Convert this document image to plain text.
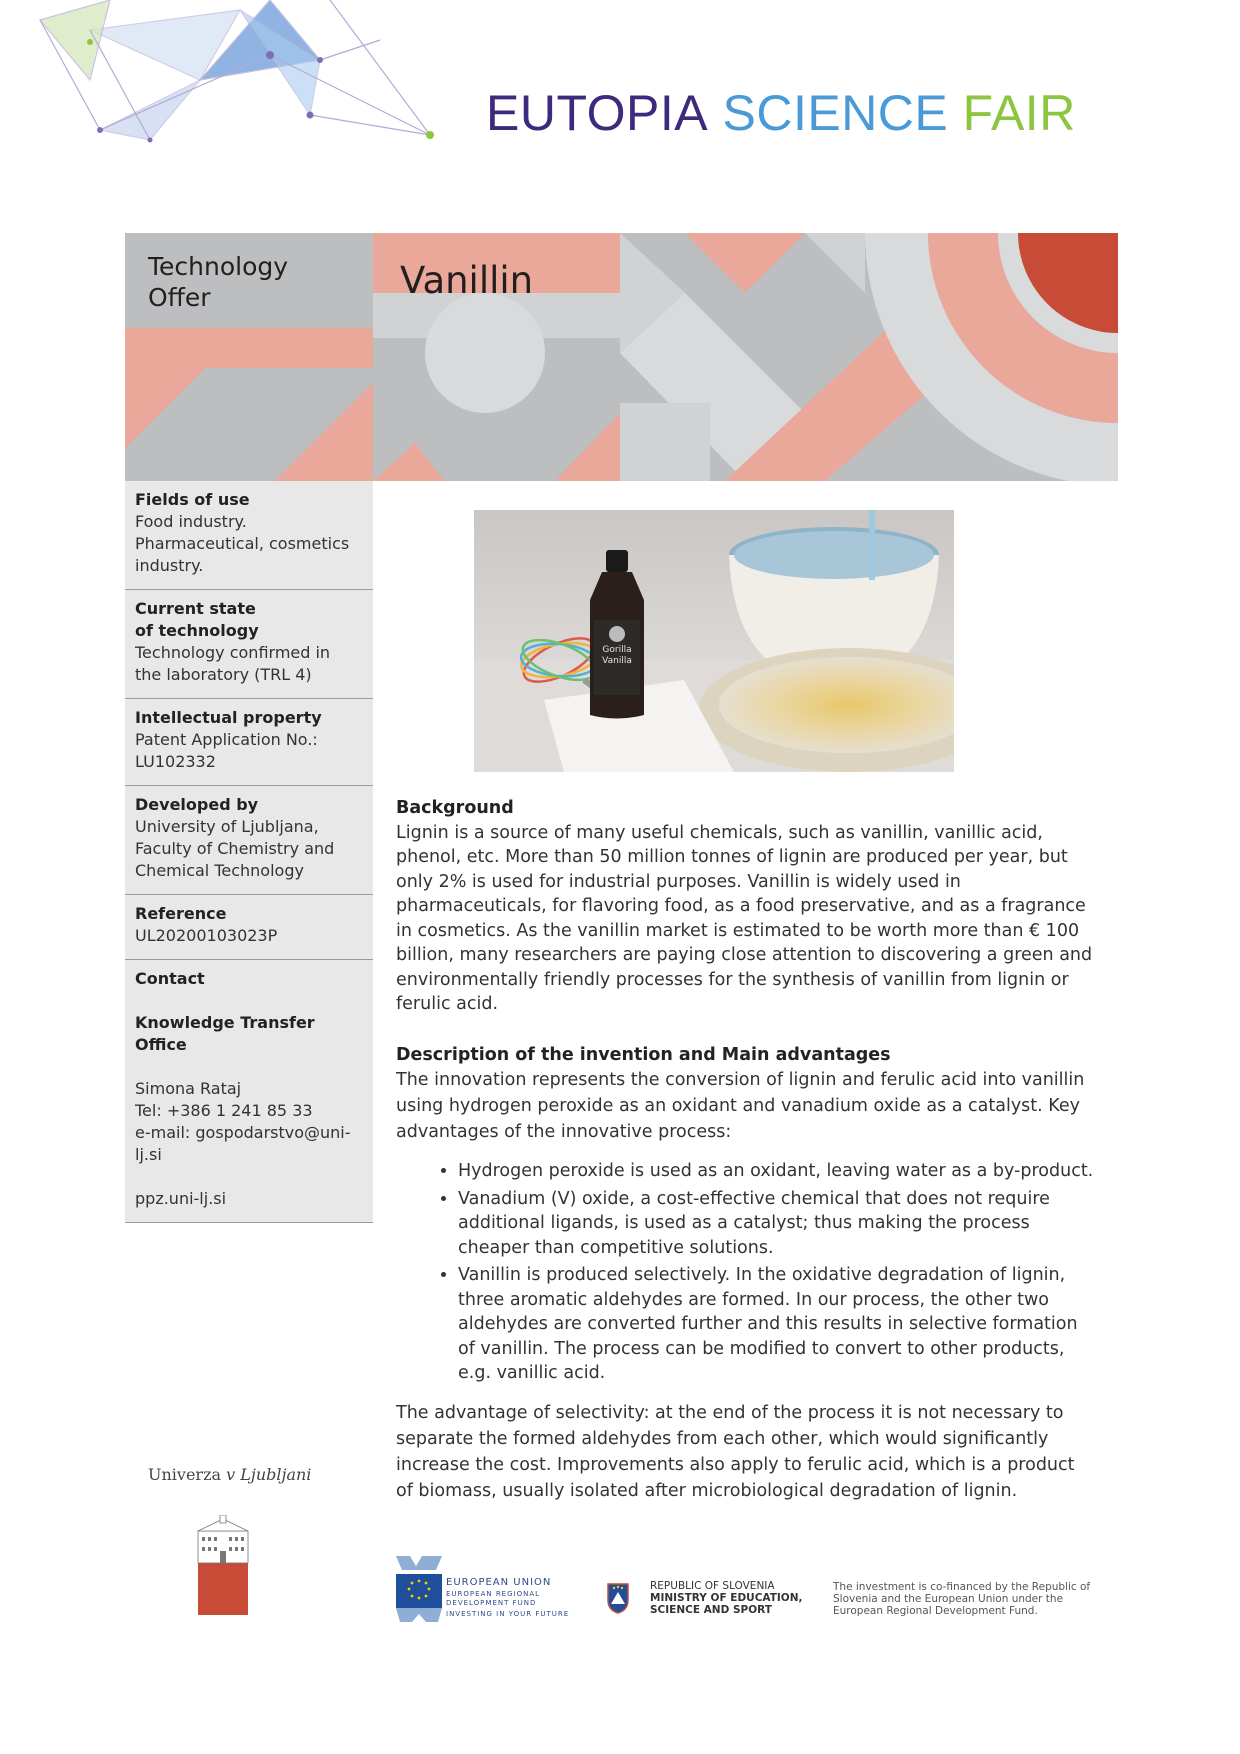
EUTOPIA SCIENCE FAIR
Technology
Offer	Vanillin
Fields of use
Food industry.
Pharmaceutical, cosmetics
industry.
Current state
of technology
Technology confirmed in
the laboratory (TRL 4)
Intellectual property
Patent Application No.:
LU102332
Developed by
University of Ljubljana,
Faculty of Chemistry and
Chemical Technology
Reference
UL20200103023P
Contact
Knowledge Transfer Office
Simona Rataj
Tel: +386 1 241 85 33
e-mail: gospodarstvo@uni-
lj.si
ppz.uni-lj.si
Gorilla
Vanilla
Background

Lignin is a source of many useful chemicals, such as vanillin, vanillic acid, phenol, etc. More than 50 million tonnes of lignin are produced per year, but only 2% is used for industrial purposes. Vanillin is widely used in pharmaceuticals, for flavoring food, as a food preservative, and as a fragrance in cosmetics. As the vanillin market is estimated to be worth more than € 100 billion, many researchers are paying close attention to discovering a green and environmentally friendly processes for the synthesis of vanillin from lignin or ferulic acid.

Description of the invention and Main advantages

The innovation represents the conversion of lignin and ferulic acid into vanillin using hydrogen peroxide as an oxidant and vanadium oxide as a catalyst. Key advantages of the innovative process:

• Hydrogen peroxide is used as an oxidant, leaving water as a by-product.
• Vanadium (V) oxide, a cost-effective chemical that does not require additional ligands, is used as a catalyst; thus making the process cheaper than competitive solutions.
• Vanillin is produced selectively. In the oxidative degradation of lignin, three aromatic aldehydes are formed. In our process, the other two aldehydes are converted further and this results in selective formation of vanillin. The process can be modified to convert to other products, e.g. vanillic acid.

The advantage of selectivity: at the end of the process it is not necessary to separate the formed aldehydes from each other, which would significantly increase the cost. Improvements also apply to ferulic acid, which is a product of biomass, usually isolated after microbiological degradation of lignin.

Univerza v Ljubljani
EUROPEAN UNION
EUROPEAN REGIONAL
DEVELOPMENT FUND
INVESTING IN YOUR FUTURE
REPUBLIC OF SLOVENIA
MINISTRY OF EDUCATION,
SCIENCE AND SPORT
The investment is co-financed by the Republic of Slovenia and the European Union under the European Regional Development Fund.
